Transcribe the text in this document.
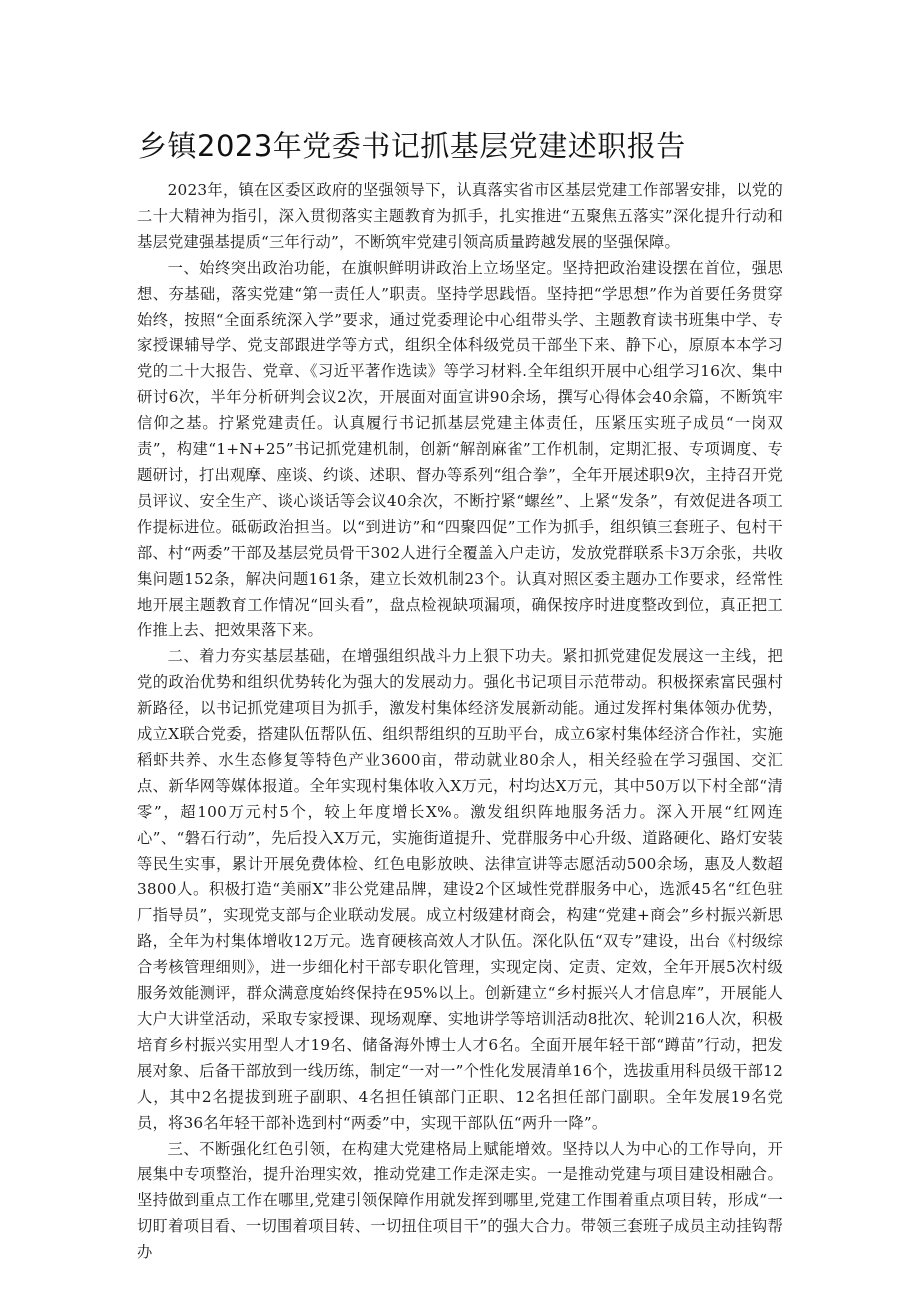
乡镇2023年党委书记抓基层党建述职报告

2023年，镇在区委区政府的坚强领导下，认真落实省市区基层党建工作部署安排，以党的二十大精神为指引，深入贯彻落实主题教育为抓手，扎实推进“五聚焦五落实”深化提升行动和基层党建强基提质“三年行动”，不断筑牢党建引领高质量跨越发展的坚强保障。

一、始终突出政治功能，在旗帜鲜明讲政治上立场坚定。坚持把政治建设摆在首位，强思想、夯基础，落实党建“第一责任人”职责。坚持学思践悟。坚持把“学思想”作为首要任务贯穿始终，按照“全面系统深入学”要求，通过党委理论中心组带头学、主题教育读书班集中学、专家授课辅导学、党支部跟进学等方式，组织全体科级党员干部坐下来、静下心，原原本本学习党的二十大报告、党章、《习近平著作选读》等学习材料.全年组织开展中心组学习16次、集中研讨6次，半年分析研判会议2次，开展面对面宣讲90余场，撰写心得体会40余篇，不断筑牢信仰之基。拧紧党建责任。认真履行书记抓基层党建主体责任，压紧压实班子成员“一岗双责”，构建“1+N+25”书记抓党建机制，创新“解剖麻雀”工作机制，定期汇报、专项调度、专题研讨，打出观摩、座谈、约谈、述职、督办等系列“组合拳”，全年开展述职9次，主持召开党员评议、安全生产、谈心谈话等会议40余次，不断拧紧“螺丝”、上紧“发条”，有效促进各项工作提标进位。砥砺政治担当。以“到进访”和“四聚四促”工作为抓手，组织镇三套班子、包村干部、村“两委”干部及基层党员骨干302人进行全覆盖入户走访，发放党群联系卡3万余张，共收集问题152条，解决问题161条，建立长效机制23个。认真对照区委主题办工作要求，经常性地开展主题教育工作情况“回头看”，盘点检视缺项漏项，确保按序时进度整改到位，真正把工作推上去、把效果落下来。

二、着力夯实基层基础，在增强组织战斗力上狠下功夫。紧扣抓党建促发展这一主线，把党的政治优势和组织优势转化为强大的发展动力。强化书记项目示范带动。积极探索富民强村新路径，以书记抓党建项目为抓手，激发村集体经济发展新动能。通过发挥村集体领办优势，成立X联合党委，搭建队伍帮队伍、组织帮组织的互助平台，成立6家村集体经济合作社，实施稻虾共养、水生态修复等特色产业3600亩，带动就业80余人，相关经验在学习强国、交汇点、新华网等媒体报道。全年实现村集体收入X万元，村均达X万元，其中50万以下村全部“清零”，超100万元村5个，较上年度增长X%。激发组织阵地服务活力。深入开展“红网连心”、“磐石行动”，先后投入X万元，实施街道提升、党群服务中心升级、道路硬化、路灯安装等民生实事，累计开展免费体检、红色电影放映、法律宣讲等志愿活动500余场，惠及人数超3800人。积极打造“美丽X”非公党建品牌，建设2个区域性党群服务中心，选派45名“红色驻厂指导员”，实现党支部与企业联动发展。成立村级建材商会，构建“党建+商会”乡村振兴新思路，全年为村集体增收12万元。选育硬核高效人才队伍。深化队伍“双专”建设，出台《村级综合考核管理细则》，进一步细化村干部专职化管理，实现定岗、定责、定效，全年开展5次村级服务效能测评，群众满意度始终保持在95%以上。创新建立“乡村振兴人才信息库”，开展能人大户大讲堂活动，采取专家授课、现场观摩、实地讲学等培训活动8批次、轮训216人次，积极培育乡村振兴实用型人才19名、储备海外博士人才6名。全面开展年轻干部“蹲苗”行动，把发展对象、后备干部放到一线历练，制定“一对一”个性化发展清单16个，选拔重用科员级干部12人，其中2名提拔到班子副职、4名担任镇部门正职、12名担任部门副职。全年发展19名党员，将36名年轻干部补选到村“两委”中，实现干部队伍“两升一降”。

三、不断强化红色引领，在构建大党建格局上赋能增效。坚持以人为中心的工作导向，开展集中专项整治，提升治理实效，推动党建工作走深走实。一是推动党建与项目建设相融合。坚持做到重点工作在哪里,党建引领保障作用就发挥到哪里,党建工作围着重点项目转，形成“一切盯着项目看、一切围着项目转、一切扭住项目干”的强大合力。带领三套班子成员主动挂钩帮办
